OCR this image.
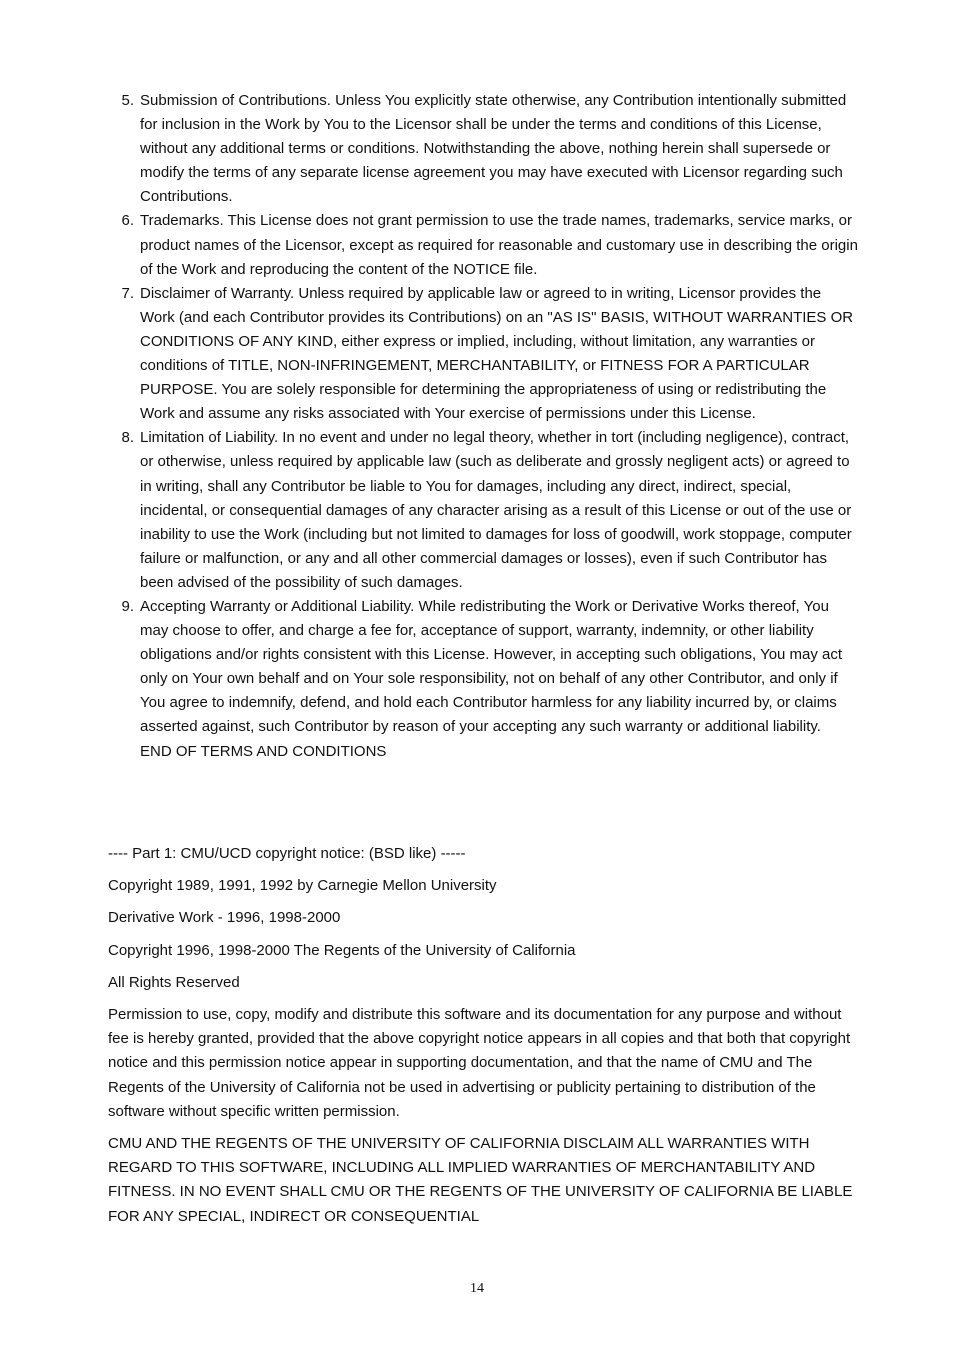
5. Submission of Contributions. Unless You explicitly state otherwise, any Contribution intentionally submitted for inclusion in the Work by You to the Licensor shall be under the terms and conditions of this License, without any additional terms or conditions. Notwithstanding the above, nothing herein shall supersede or modify the terms of any separate license agreement you may have executed with Licensor regarding such Contributions.
6. Trademarks. This License does not grant permission to use the trade names, trademarks, service marks, or product names of the Licensor, except as required for reasonable and customary use in describing the origin of the Work and reproducing the content of the NOTICE file.
7. Disclaimer of Warranty. Unless required by applicable law or agreed to in writing, Licensor provides the Work (and each Contributor provides its Contributions) on an "AS IS" BASIS, WITHOUT WARRANTIES OR CONDITIONS OF ANY KIND, either express or implied, including, without limitation, any warranties or conditions of TITLE, NON-INFRINGEMENT, MERCHANTABILITY, or FITNESS FOR A PARTICULAR PURPOSE. You are solely responsible for determining the appropriateness of using or redistributing the Work and assume any risks associated with Your exercise of permissions under this License.
8. Limitation of Liability. In no event and under no legal theory, whether in tort (including negligence), contract, or otherwise, unless required by applicable law (such as deliberate and grossly negligent acts) or agreed to in writing, shall any Contributor be liable to You for damages, including any direct, indirect, special, incidental, or consequential damages of any character arising as a result of this License or out of the use or inability to use the Work (including but not limited to damages for loss of goodwill, work stoppage, computer failure or malfunction, or any and all other commercial damages or losses), even if such Contributor has been advised of the possibility of such damages.
9. Accepting Warranty or Additional Liability. While redistributing the Work or Derivative Works thereof, You may choose to offer, and charge a fee for, acceptance of support, warranty, indemnity, or other liability obligations and/or rights consistent with this License. However, in accepting such obligations, You may act only on Your own behalf and on Your sole responsibility, not on behalf of any other Contributor, and only if You agree to indemnify, defend, and hold each Contributor harmless for any liability incurred by, or claims asserted against, such Contributor by reason of your accepting any such warranty or additional liability.
END OF TERMS AND CONDITIONS

---- Part 1: CMU/UCD copyright notice: (BSD like) -----

Copyright 1989, 1991, 1992 by Carnegie Mellon University

Derivative Work - 1996, 1998-2000

Copyright 1996, 1998-2000 The Regents of the University of California

All Rights Reserved

Permission to use, copy, modify and distribute this software and its documentation for any purpose and without fee is hereby granted, provided that the above copyright notice appears in all copies and that both that copyright notice and this permission notice appear in supporting documentation, and that the name of CMU and The Regents of the University of California not be used in advertising or publicity pertaining to distribution of the software without specific written permission.

CMU AND THE REGENTS OF THE UNIVERSITY OF CALIFORNIA DISCLAIM ALL WARRANTIES WITH REGARD TO THIS SOFTWARE, INCLUDING ALL IMPLIED WARRANTIES OF MERCHANTABILITY AND FITNESS. IN NO EVENT SHALL CMU OR THE REGENTS OF THE UNIVERSITY OF CALIFORNIA BE LIABLE FOR ANY SPECIAL, INDIRECT OR CONSEQUENTIAL

14
